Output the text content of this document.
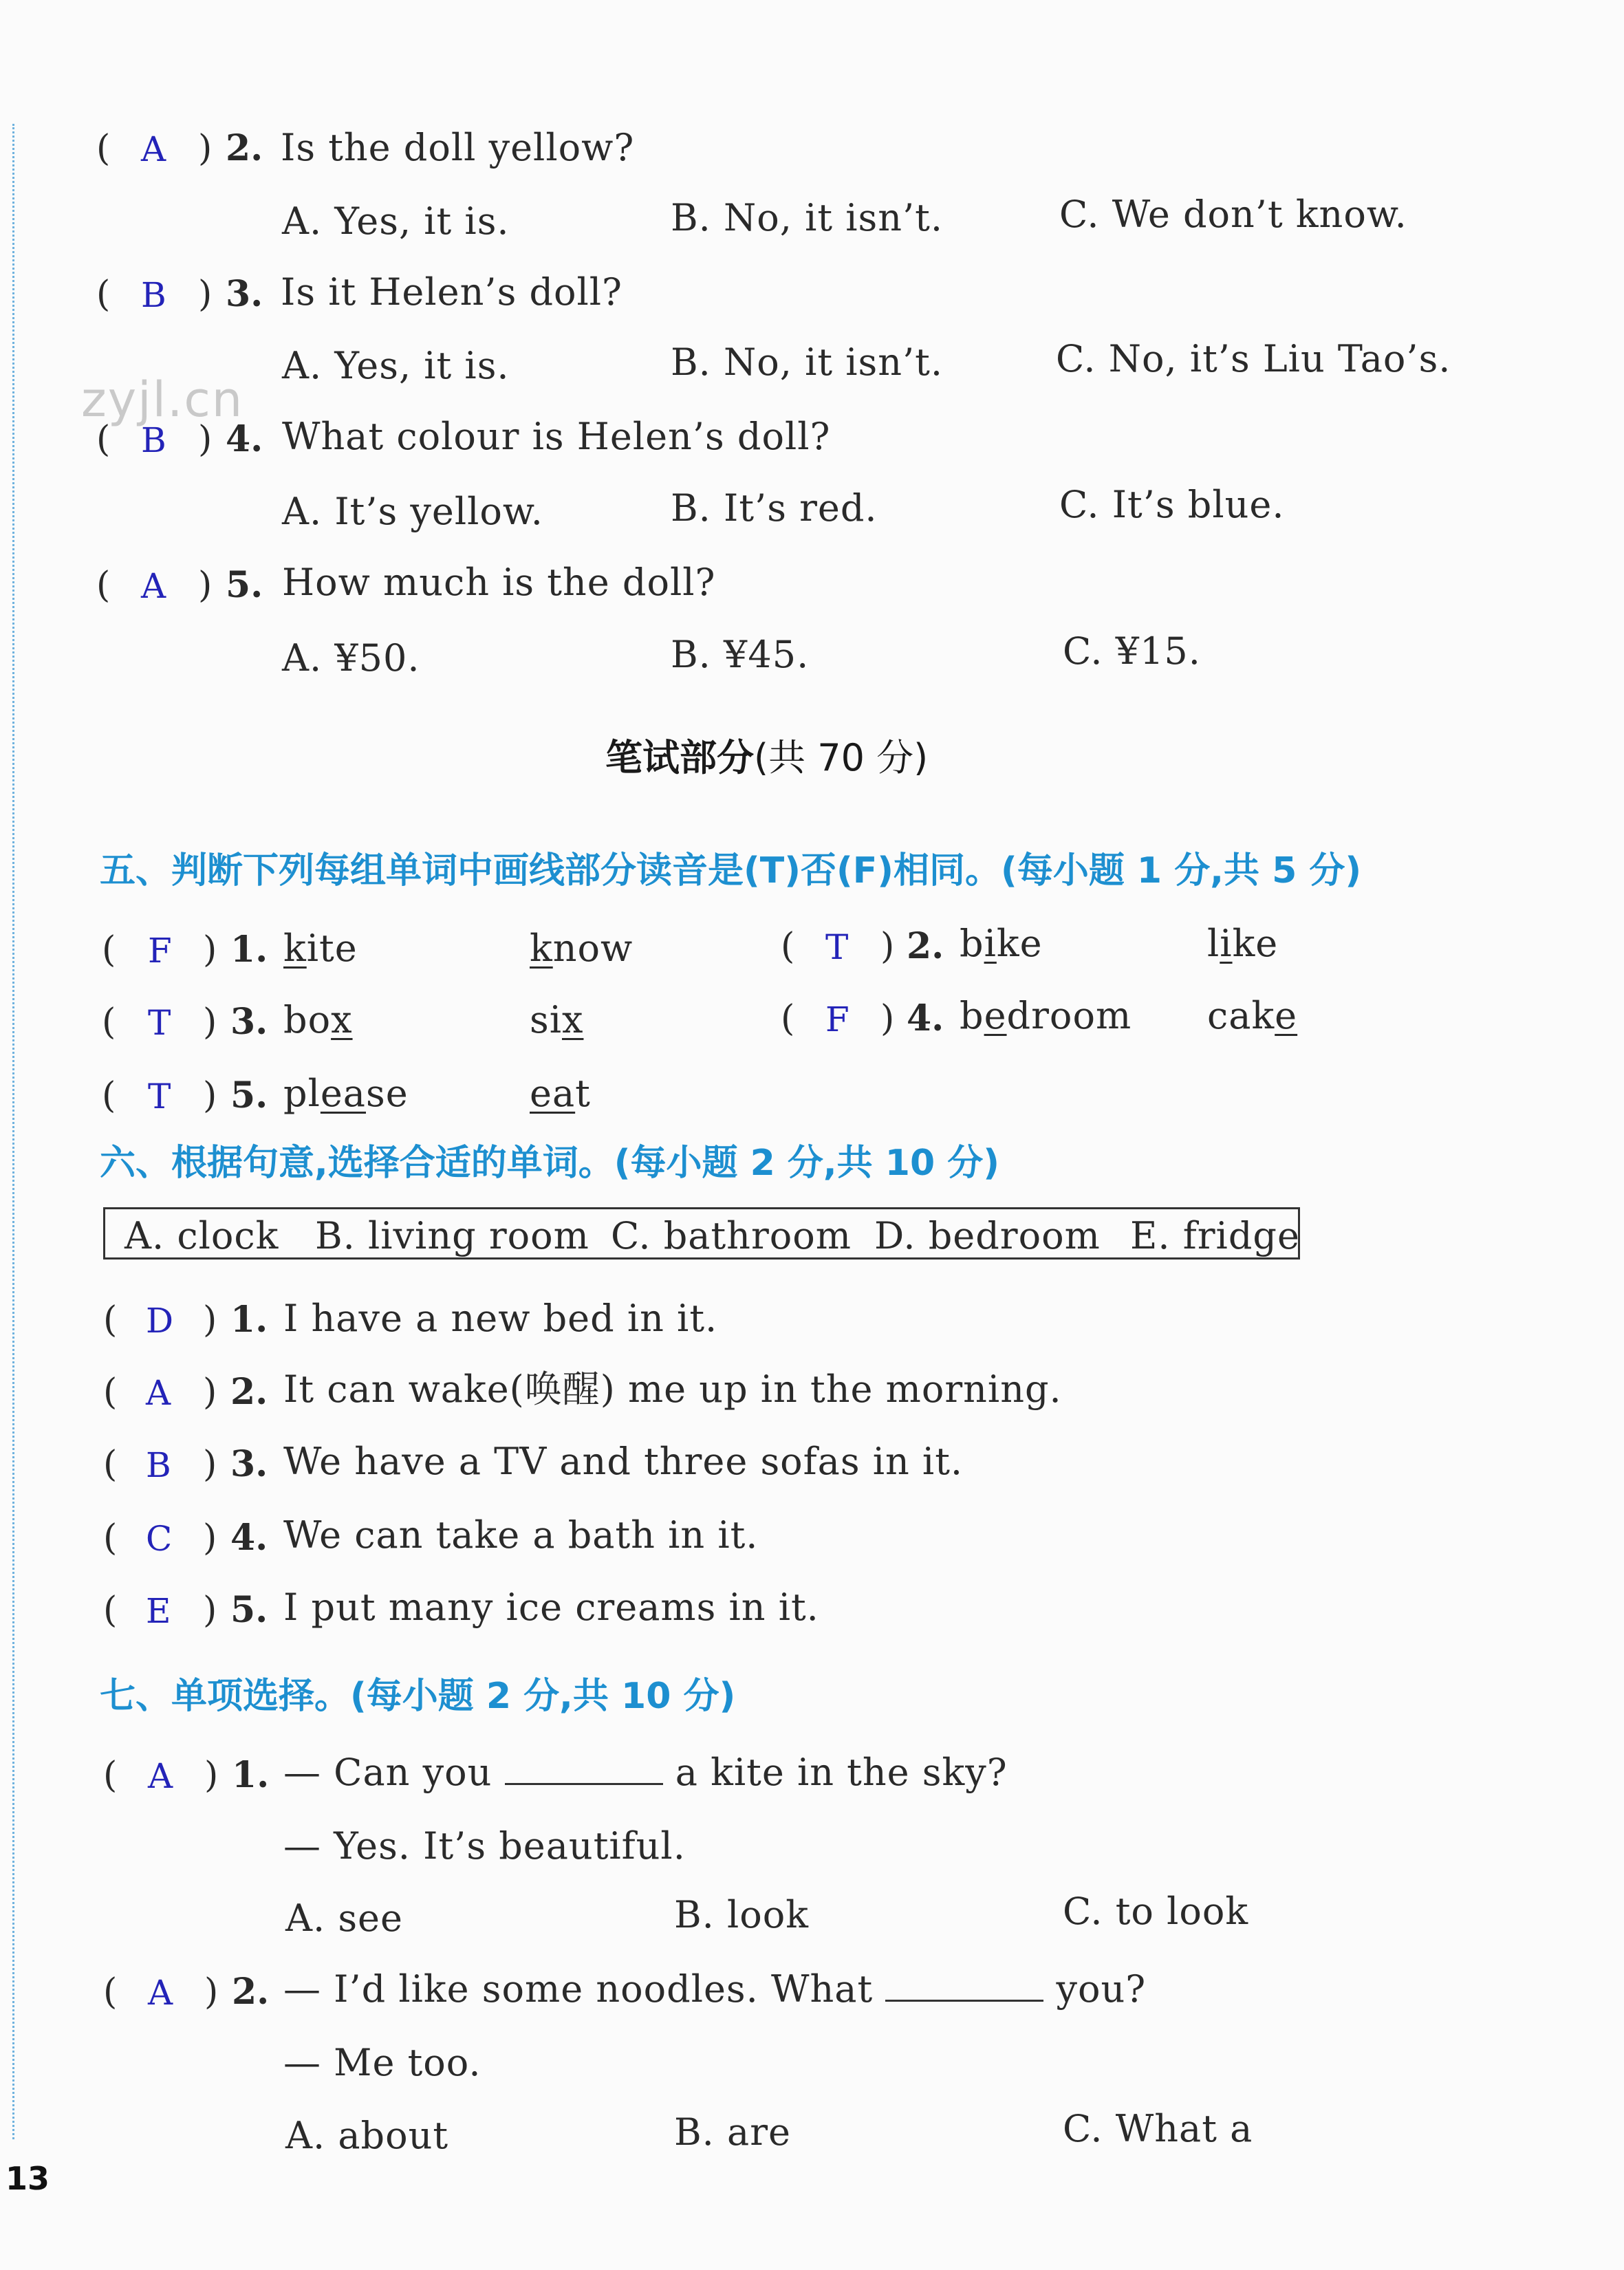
zyjl.cn
( A ) 2. Is the doll yellow?
A. Yes, it is.	B. No, it isn’t.	C. We don’t know.
( B ) 3. Is it Helen’s doll?
A. Yes, it is.	B. No, it isn’t.	C. No, it’s Liu Tao’s.
( B ) 4. What colour is Helen’s doll?
A. It’s yellow.	B. It’s red.	C. It’s blue.
( A ) 5. How much is the doll?
A. ¥50.	B. ¥45.	C. ¥15.
笔试部分(共 70 分)
五、判断下列每组单词中画线部分读音是(T)否(F)相同。(每小题 1 分,共 5 分)
( F ) 1. kite	know	( T ) 2. bike	like
( T ) 3. box	six	( F ) 4. bedroom cake
( T ) 5. please	eat
六、根据句意,选择合适的单词。(每小题 2 分,共 10 分)
A. clock B. living room C. bathroom D. bedroom E. fridge
( D ) 1. I have a new bed in it.
( A ) 2. It can wake(唤醒) me up in the morning.
( B ) 3. We have a TV and three sofas in it.
( C ) 4. We can take a bath in it.
( E ) 5. I put many ice creams in it.
七、单项选择。(每小题 2 分,共 10 分)
( A ) 1. — Can you	a kite in the sky?
— Yes. It’s beautiful.
A. see	B. look	C. to look
( A ) 2. — I’d like some noodles. What	you?
— Me too.
A. about	B. are	C. What a
13
